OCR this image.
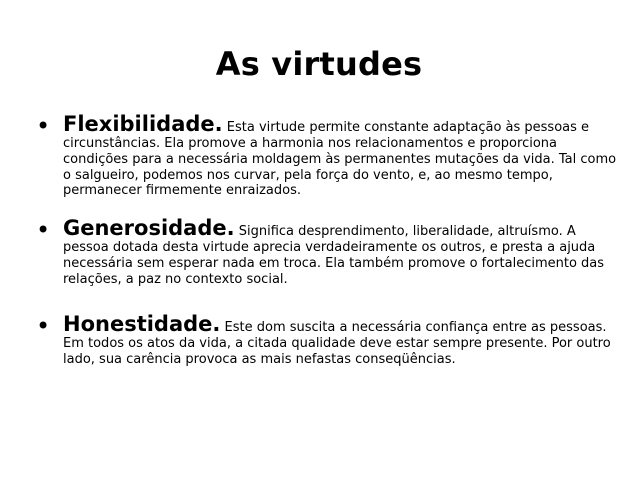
As virtudes
• Flexibilidade. Esta virtude permite constante adaptação às pessoas e circunstâncias. Ela promove a harmonia nos relacionamentos e proporciona condições para a necessária moldagem às permanentes mutações da vida. Tal como o salgueiro, podemos nos curvar, pela força do vento, e, ao mesmo tempo, permanecer firmemente enraizados.
• Generosidade. Significa desprendimento, liberalidade, altruísmo. A pessoa dotada desta virtude aprecia verdadeiramente os outros, e presta a ajuda necessária sem esperar nada em troca. Ela também promove o fortalecimento das relações, a paz no contexto social.
• Honestidade. Este dom suscita a necessária confiança entre as pessoas. Em todos os atos da vida, a citada qualidade deve estar sempre presente. Por outro lado, sua carência provoca as mais nefastas conseqüências.
